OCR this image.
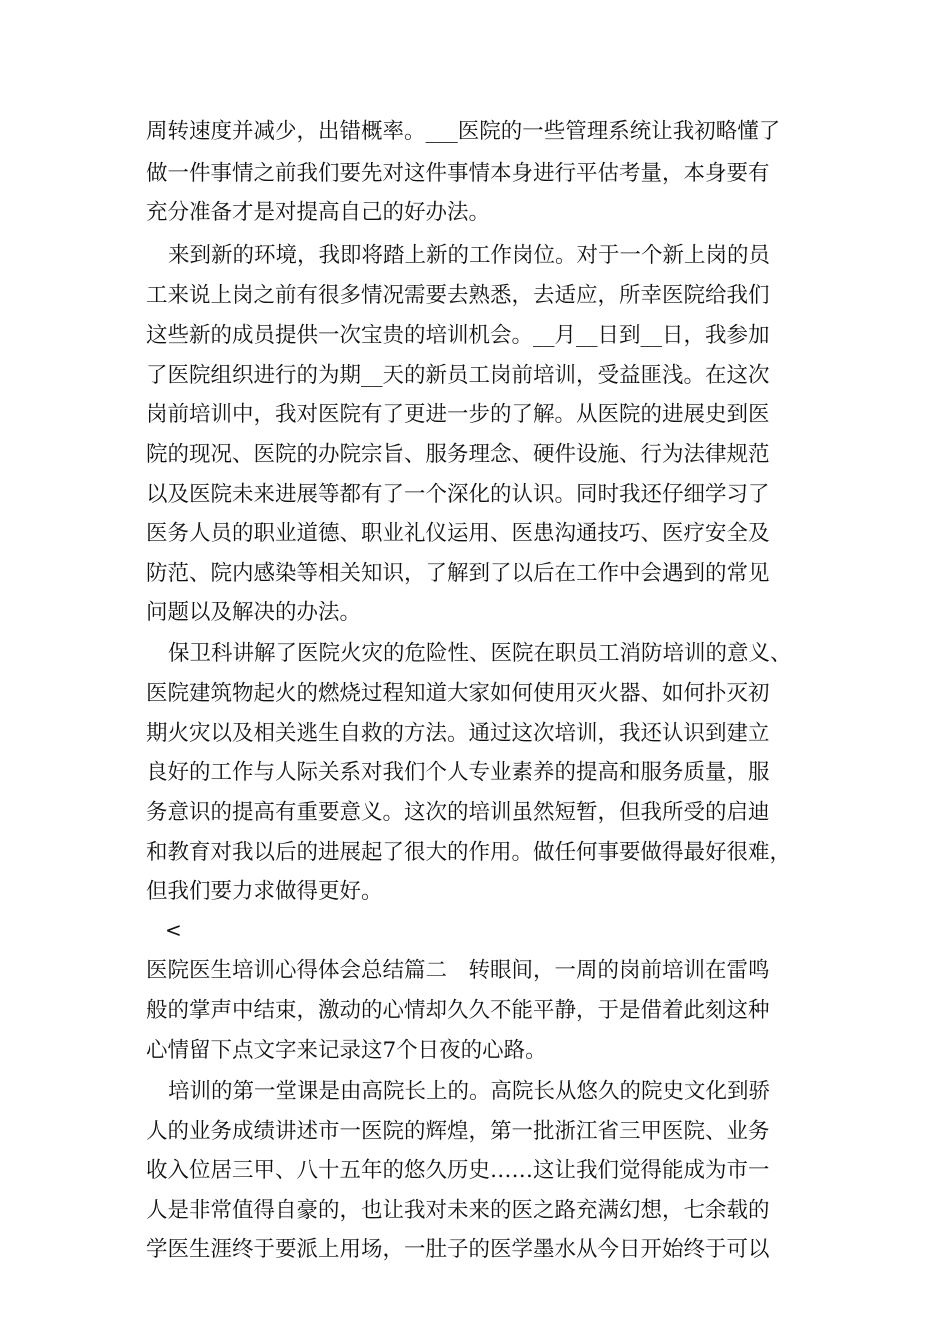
周转速度并减少，出错概率。___医院的一些管理系统让我初略懂了
做一件事情之前我们要先对这件事情本身进行平估考量，本身要有
充分准备才是对提高自己的好办法。
来到新的环境，我即将踏上新的工作岗位。对于一个新上岗的员
工来说上岗之前有很多情况需要去熟悉，去适应，所幸医院给我们
这些新的成员提供一次宝贵的培训机会。__月__日到__日，我参加
了医院组织进行的为期__天的新员工岗前培训，受益匪浅。在这次
岗前培训中，我对医院有了更进一步的了解。从医院的进展史到医
院的现况、医院的办院宗旨、服务理念、硬件设施、行为法律规范
以及医院未来进展等都有了一个深化的认识。同时我还仔细学习了
医务人员的职业道德、职业礼仪运用、医患沟通技巧、医疗安全及
防范、院内感染等相关知识，了解到了以后在工作中会遇到的常见
问题以及解决的办法。
保卫科讲解了医院火灾的危险性、医院在职员工消防培训的意义、
医院建筑物起火的燃烧过程知道大家如何使用灭火器、如何扑灭初
期火灾以及相关逃生自救的方法。通过这次培训，我还认识到建立
良好的工作与人际关系对我们个人专业素养的提高和服务质量，服
务意识的提高有重要意义。这次的培训虽然短暂，但我所受的启迪
和教育对我以后的进展起了很大的作用。做任何事要做得最好很难，
但我们要力求做得更好。
<
医院医生培训心得体会总结篇二　转眼间，一周的岗前培训在雷鸣
般的掌声中结束，激动的心情却久久不能平静，于是借着此刻这种
心情留下点文字来记录这7个日夜的心路。
培训的第一堂课是由高院长上的。高院长从悠久的院史文化到骄
人的业务成绩讲述市一医院的辉煌，第一批浙江省三甲医院、业务
收入位居三甲、八十五年的悠久历史……这让我们觉得能成为市一
人是非常值得自豪的，也让我对未来的医之路充满幻想，七余载的
学医生涯终于要派上用场，一肚子的医学墨水从今日开始终于可以
